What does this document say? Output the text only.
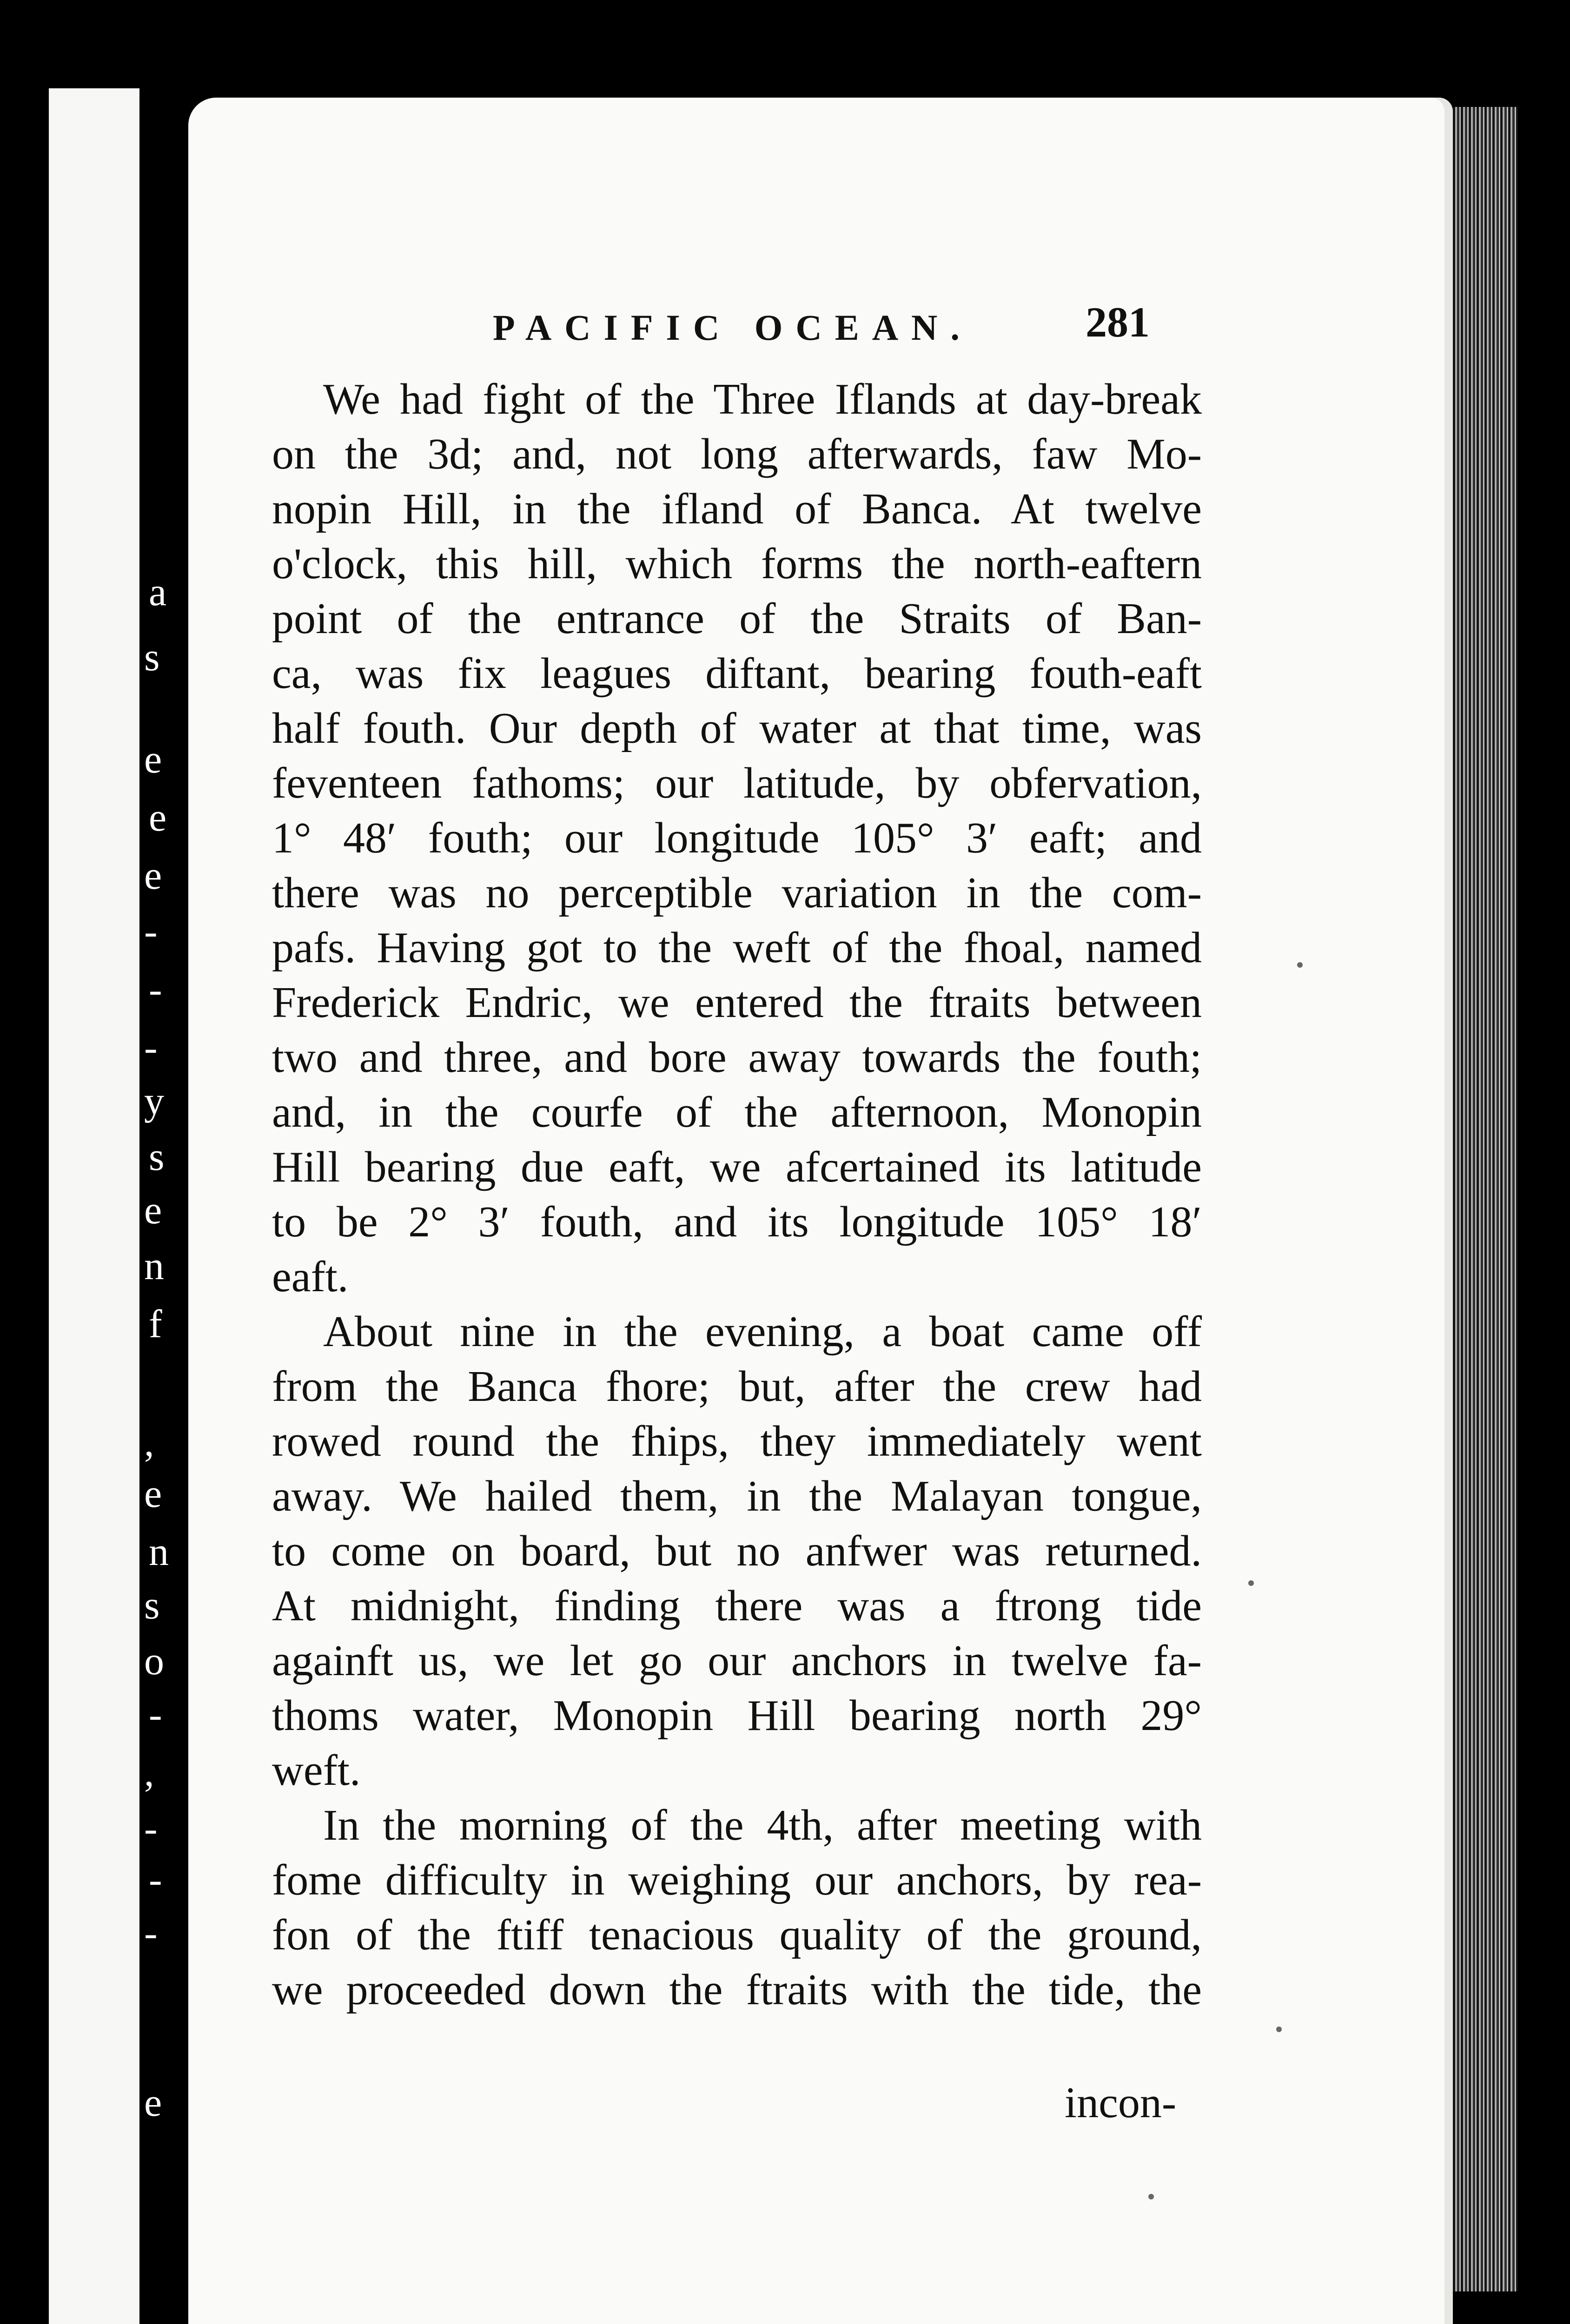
a
s
e
e
e
-
-
-
y
s
e
n
f
,
e
n
s
o
-
,
-
-
-
e
PACIFIC OCEAN.	281
We had fight of the Three Iflands at day-break
on the 3d; and, not long afterwards, faw Mo-
nopin Hill, in the ifland of Banca. At twelve
o'clock, this hill, which forms the north-eaftern
point of the entrance of the Straits of Ban-
ca, was fix leagues diftant, bearing fouth-eaft
half fouth. Our depth of water at that time, was
feventeen fathoms; our latitude, by obfervation,
1° 48′ fouth; our longitude 105° 3′ eaft; and
there was no perceptible variation in the com-
pafs. Having got to the weft of the fhoal, named
Frederick Endric, we entered the ftraits between
two and three, and bore away towards the fouth;
and, in the courfe of the afternoon, Monopin
Hill bearing due eaft, we afcertained its latitude
to be 2° 3′ fouth, and its longitude 105° 18′
eaft.
About nine in the evening, a boat came off
from the Banca fhore; but, after the crew had
rowed round the fhips, they immediately went
away. We hailed them, in the Malayan tongue,
to come on board, but no anfwer was returned.
At midnight, finding there was a ftrong tide
againft us, we let go our anchors in twelve fa-
thoms water, Monopin Hill bearing north 29°
weft.
In the morning of the 4th, after meeting with
fome difficulty in weighing our anchors, by rea-
fon of the ftiff tenacious quality of the ground,
we proceeded down the ftraits with the tide, the
incon-
